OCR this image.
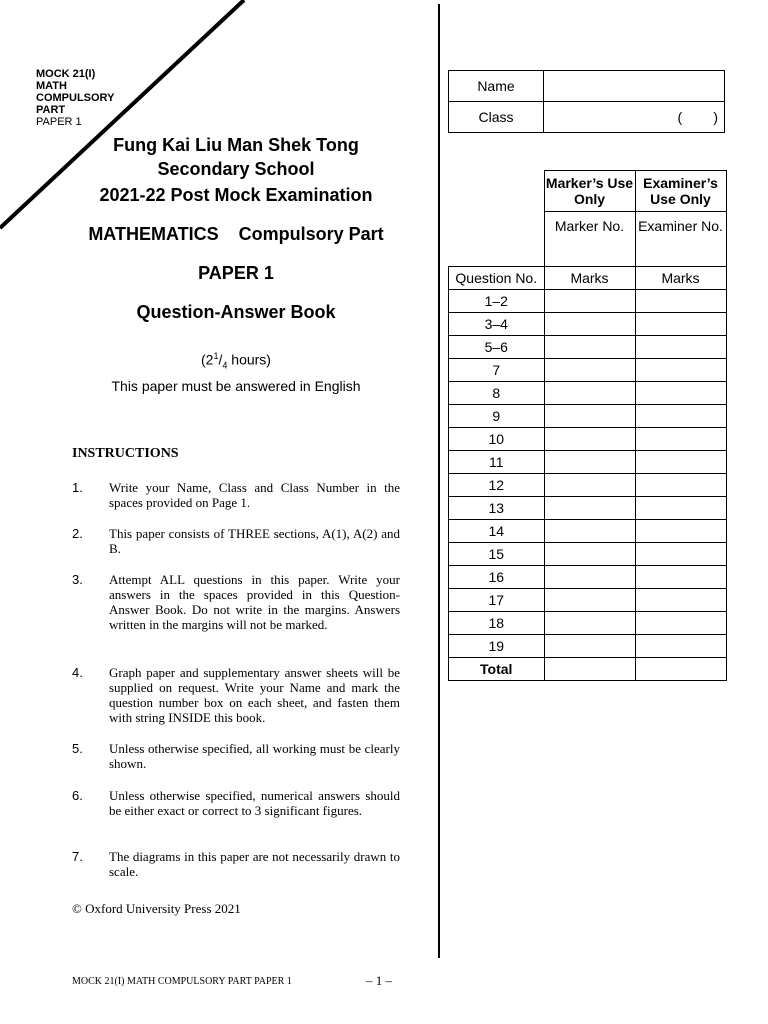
MOCK 21(I)
MATH
COMPULSORY
PART
PAPER 1
Fung Kai Liu Man Shek Tong
Secondary School
2021-22 Post Mock Examination
MATHEMATICS    Compulsory Part
PAPER 1
Question-Answer Book
($2^1/_4$ hours)
This paper must be answered in English
INSTRUCTIONS
1. Write your Name, Class and Class Number in the spaces provided on Page 1.
2. This paper consists of THREE sections, A(1), A(2) and B.
3. Attempt ALL questions in this paper. Write your answers in the spaces provided in this Question-Answer Book. Do not write in the margins. Answers written in the margins will not be marked.
4. Graph paper and supplementary answer sheets will be supplied on request. Write your Name and mark the question number box on each sheet, and fasten them with string INSIDE this book.
5. Unless otherwise specified, all working must be clearly shown.
6. Unless otherwise specified, numerical answers should be either exact or correct to 3 significant figures.
7. The diagrams in this paper are not necessarily drawn to scale.
© Oxford University Press 2021
MOCK 21(I) MATH COMPULSORY PART PAPER 1	– 1 –
Name	
Class	(        )
	Marker’s Use Only	Examiner’s Use Only
	Marker No.	Examiner No.
Question No.	Marks	Marks
1–2		
3–4		
5–6		
7		
8		
9		
10		
11		
12		
13		
14		
15		
16		
17		
18		
19		
Total		
